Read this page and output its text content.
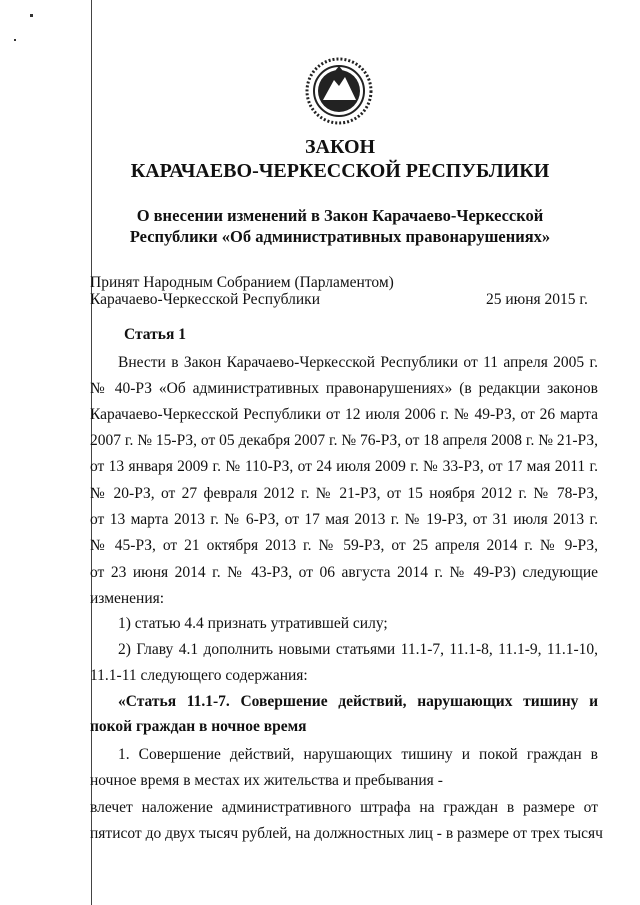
ЗАКОН
КАРАЧАЕВО-ЧЕРКЕССКОЙ РЕСПУБЛИКИ
О внесении изменений в Закон Карачаево-Черкесской
Республики «Об административных правонарушениях»
Принят Народным Собранием (Парламентом)
Карачаево-Черкесской Республики	25 июня 2015 г.
Статья 1
Внести в Закон Карачаево-Черкесской Республики от 11 апреля 2005 г.
№ 40-РЗ «Об административных правонарушениях» (в редакции законов
Карачаево-Черкесской Республики от 12 июля 2006 г. № 49-РЗ, от 26 марта
2007 г. № 15-РЗ, от 05 декабря 2007 г. № 76-РЗ, от 18 апреля 2008 г. № 21-РЗ,
от 13 января 2009 г. № 110-РЗ, от 24 июля 2009 г. № 33-РЗ, от 17 мая 2011 г.
№ 20-РЗ, от 27 февраля 2012 г. № 21-РЗ, от 15 ноября 2012 г. № 78-РЗ,
от 13 марта 2013 г. № 6-РЗ, от 17 мая 2013 г. № 19-РЗ, от 31 июля 2013 г.
№ 45-РЗ, от 21 октября 2013 г. № 59-РЗ, от 25 апреля 2014 г. № 9-РЗ,
от 23 июня 2014 г. № 43-РЗ, от 06 августа 2014 г. № 49-РЗ) следующие
изменения:
1) статью 4.4 признать утратившей силу;
2) Главу 4.1 дополнить новыми статьями 11.1-7, 11.1-8, 11.1-9, 11.1-10,
11.1-11 следующего содержания:
«Статья 11.1-7. Совершение действий, нарушающих тишину и
покой граждан в ночное время
1. Совершение действий, нарушающих тишину и покой граждан в
ночное время в местах их жительства и пребывания -
влечет наложение административного штрафа на граждан в размере от
пятисот до двух тысяч рублей, на должностных лиц - в размере от трех тысяч
